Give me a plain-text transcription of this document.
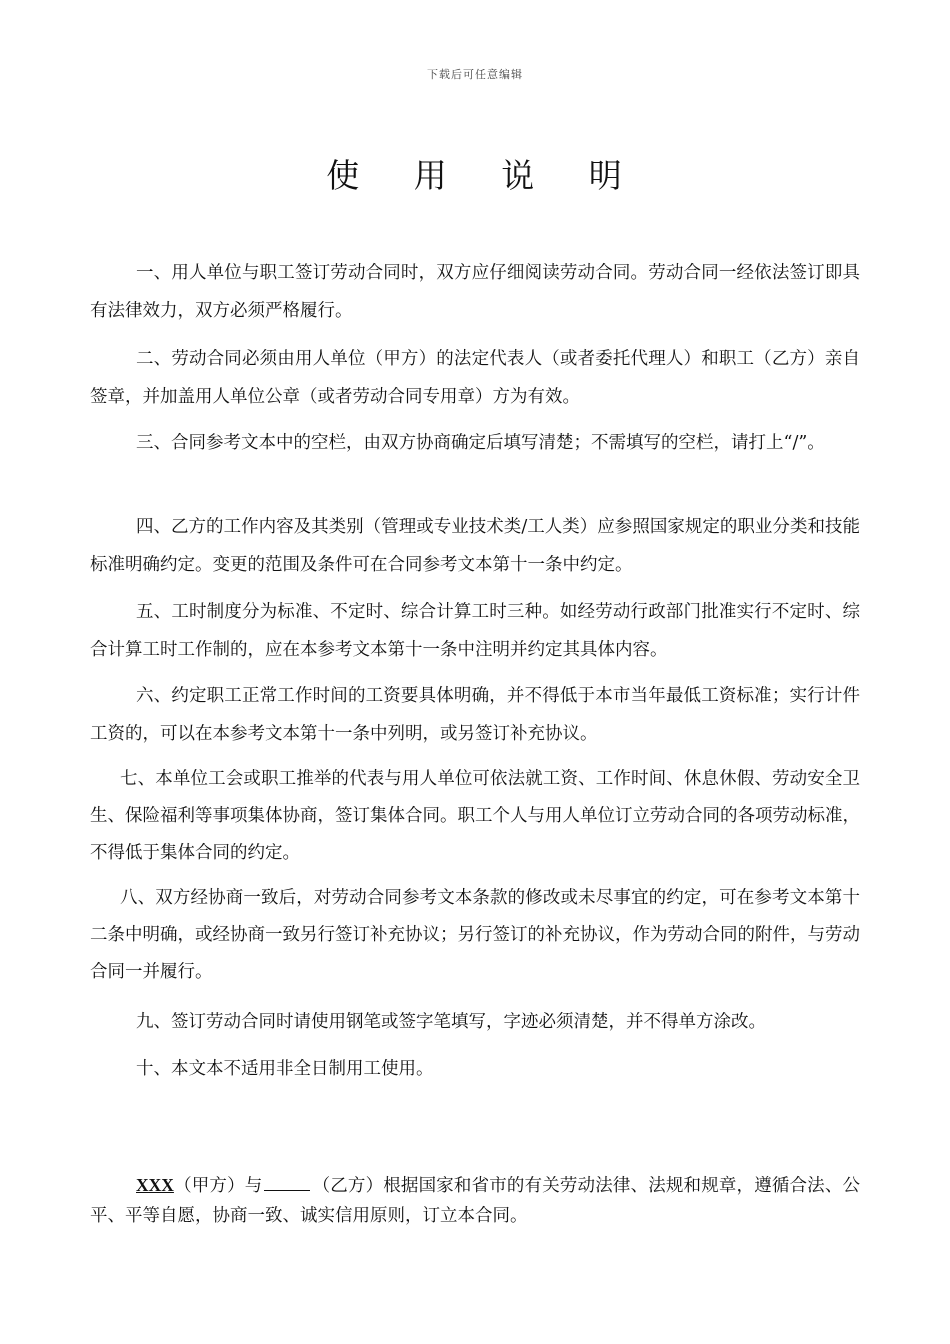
下载后可任意编辑
使 用 说 明

一、用人单位与职工签订劳动合同时，双方应仔细阅读劳动合同。劳动合同一经依法签订即具有法律效力，双方必须严格履行。

二、劳动合同必须由用人单位（甲方）的法定代表人（或者委托代理人）和职工（乙方）亲自签章，并加盖用人单位公章（或者劳动合同专用章）方为有效。

三、合同参考文本中的空栏，由双方协商确定后填写清楚；不需填写的空栏，请打上“/”。

四、乙方的工作内容及其类别（管理或专业技术类/工人类）应参照国家规定的职业分类和技能标准明确约定。变更的范围及条件可在合同参考文本第十一条中约定。

五、工时制度分为标准、不定时、综合计算工时三种。如经劳动行政部门批准实行不定时、综合计算工时工作制的，应在本参考文本第十一条中注明并约定其具体内容。

六、约定职工正常工作时间的工资要具体明确，并不得低于本市当年最低工资标准；实行计件工资的，可以在本参考文本第十一条中列明，或另签订补充协议。

七、本单位工会或职工推举的代表与用人单位可依法就工资、工作时间、休息休假、劳动安全卫生、保险福利等事项集体协商，签订集体合同。职工个人与用人单位订立劳动合同的各项劳动标准，不得低于集体合同的约定。

八、双方经协商一致后，对劳动合同参考文本条款的修改或未尽事宜的约定，可在参考文本第十二条中明确，或经协商一致另行签订补充协议；另行签订的补充协议，作为劳动合同的附件，与劳动合同一并履行。

九、签订劳动合同时请使用钢笔或签字笔填写，字迹必须清楚，并不得单方涂改。

十、本文本不适用非全日制用工使用。

XXX（甲方）与	（乙方）根据国家和省市的有关劳动法律、法规和规章，遵循合法、公平、平等自愿，协商一致、诚实信用原则，订立本合同。
